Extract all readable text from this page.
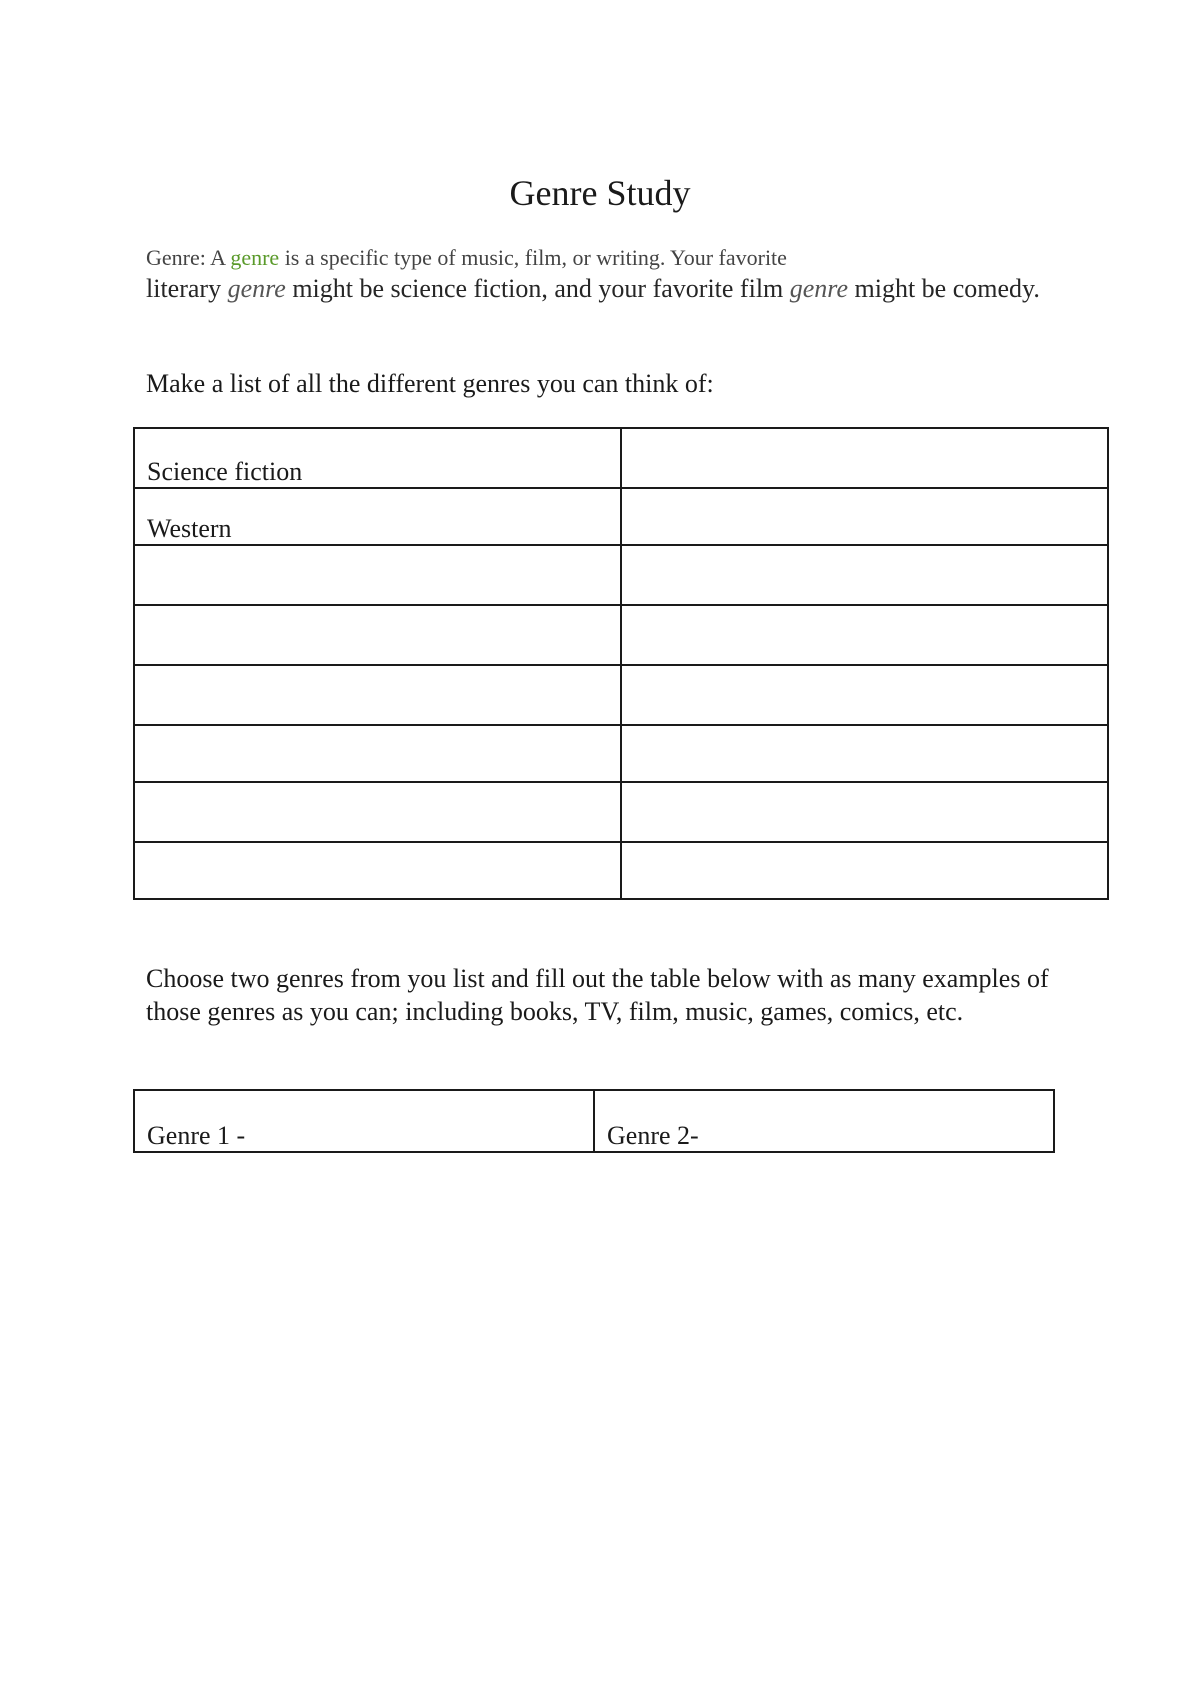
Genre Study
Genre: A genre is a specific type of music, film, or writing. Your favorite
literary genre might be science fiction, and your favorite film genre might be comedy.
Make a list of all the different genres you can think of:
Science fiction	
Western	

Choose two genres from you list and fill out the table below with as many examples of those genres as you can; including books, TV, film, music, games, comics, etc.
Genre 1 -	Genre 2-
